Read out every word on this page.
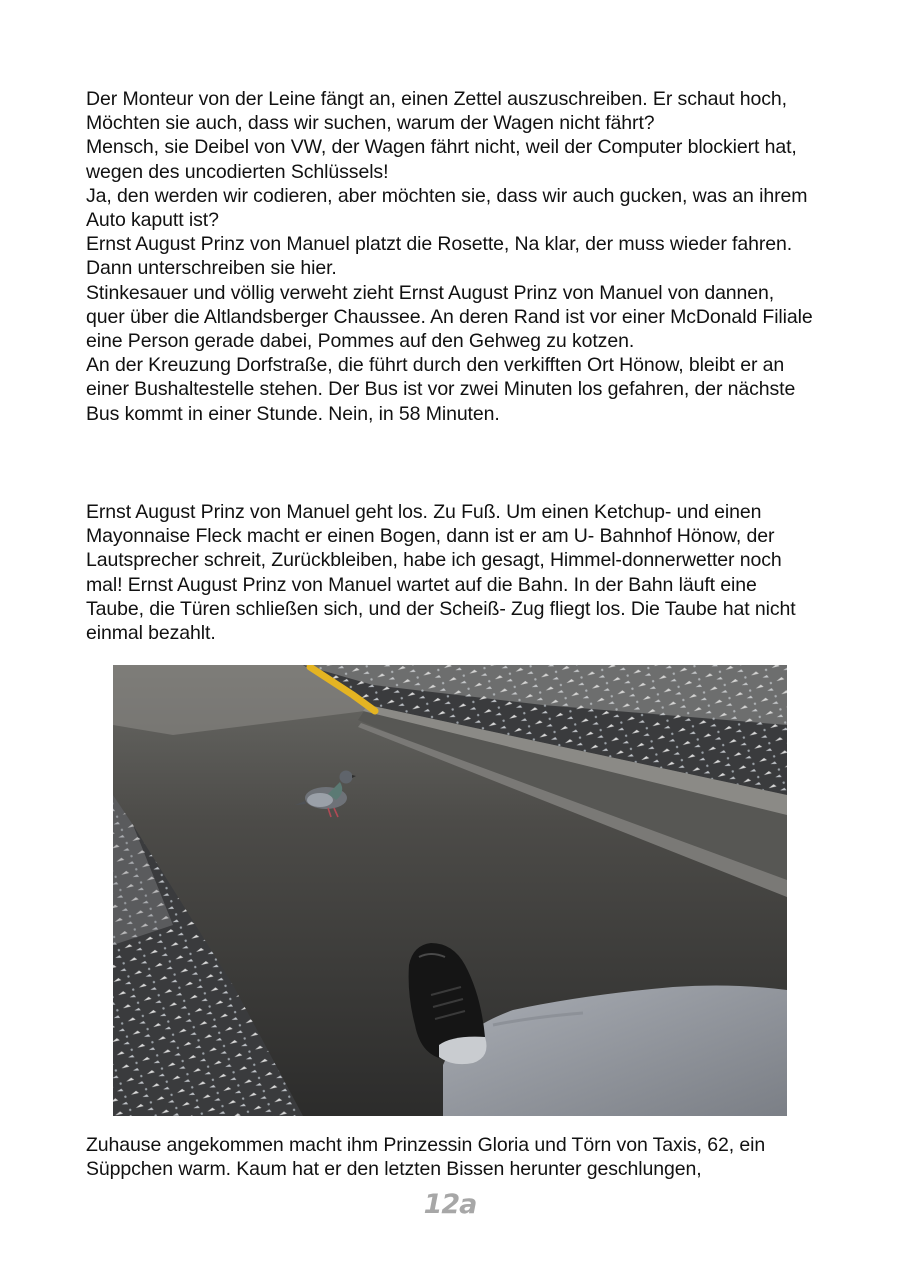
Der Monteur von der Leine fängt an, einen Zettel auszuschreiben. Er schaut hoch, Möchten sie auch, dass wir suchen, warum der Wagen nicht fährt?

Mensch, sie Deibel von VW, der Wagen fährt nicht, weil der Computer blockiert hat, wegen des uncodierten Schlüssels!

Ja, den werden wir codieren, aber möchten sie, dass wir auch gucken, was an ihrem Auto kaputt ist?

Ernst August Prinz von Manuel platzt die Rosette, Na klar, der muss wieder fahren.

Dann unterschreiben sie hier.

Stinkesauer und völlig verweht zieht Ernst August Prinz von Manuel von dannen, quer über die Altlandsberger Chaussee. An deren Rand ist vor einer McDonald Filiale eine Person gerade dabei, Pommes auf den Gehweg zu kotzen.

An der Kreuzung Dorfstraße, die führt durch den verkifften Ort Hönow, bleibt er an einer Bushaltestelle stehen. Der Bus ist vor zwei Minuten los gefahren, der nächste Bus kommt in einer Stunde. Nein, in 58 Minuten.

Ernst August Prinz von Manuel geht los. Zu Fuß. Um einen Ketchup- und einen Mayonnaise Fleck macht er einen Bogen, dann ist er am U- Bahnhof Hönow, der Lautsprecher schreit, Zurückbleiben, habe ich gesagt, Himmel-donnerwetter noch mal! Ernst August Prinz von Manuel wartet auf die Bahn. In der Bahn läuft eine Taube, die Türen schließen sich, und der Scheiß- Zug fliegt los. Die Taube hat nicht einmal bezahlt.

Zuhause angekommen macht ihm Prinzessin Gloria und Törn von Taxis, 62, ein Süppchen warm. Kaum hat er den letzten Bissen herunter geschlungen,

12a
